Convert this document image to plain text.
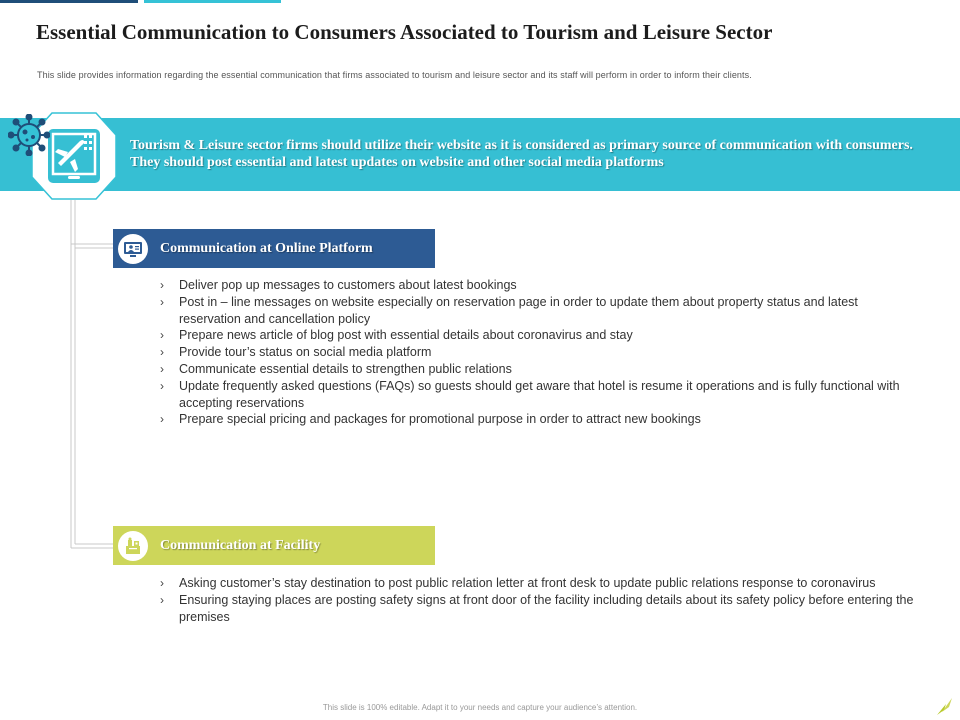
Essential Communication to Consumers Associated to Tourism and Leisure Sector

This slide provides information regarding the essential communication that firms associated to tourism and leisure sector and its staff will perform in order to inform their clients.

Tourism & Leisure sector firms should utilize their website as it is considered as primary source of communication with consumers. They should post essential and latest updates on website and other social media platforms

Communication at Online Platform
› Deliver pop up messages to customers about latest bookings
› Post in – line messages on website especially on reservation page in order to update them about property status and latest reservation and cancellation policy
› Prepare news article of blog post with essential details about coronavirus and stay
› Provide tour’s status on social media platform
› Communicate essential details to strengthen public relations
› Update frequently asked questions (FAQs) so guests should get aware that hotel is resume it operations and is fully functional with accepting reservations
› Prepare special pricing and packages for promotional purpose in order to attract new bookings
Communication at Facility
› Asking customer’s stay destination to post public relation letter at front desk to update public relations response to coronavirus
› Ensuring staying places are posting safety signs at front door of the facility including details about its safety policy before entering the premises

This slide is 100% editable. Adapt it to your needs and capture your audience’s attention.
